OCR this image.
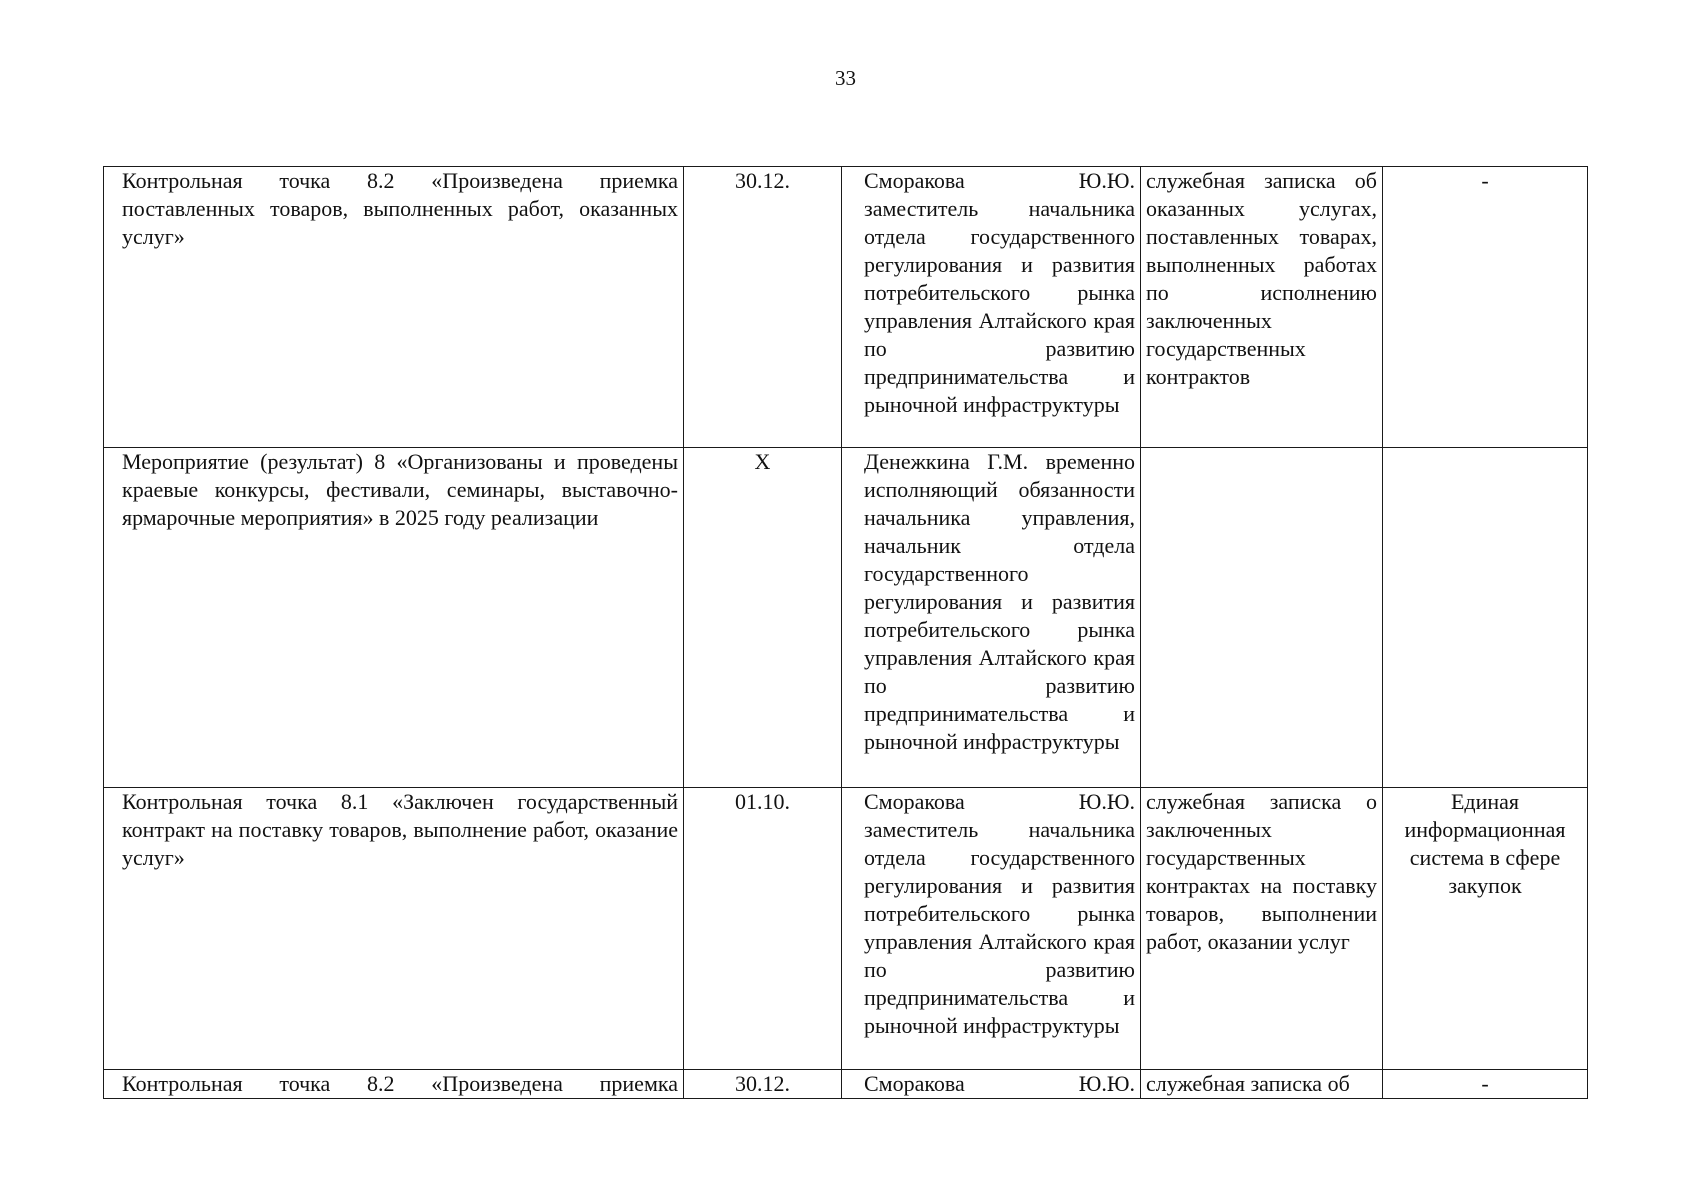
33
Контрольная точка 8.2 «Произведена приемка поставленных товаров, выполненных работ, оказанных услуг»	30.12.	Сморакова Ю.Ю. заместитель начальника отдела государственного регулирования и развития потребительского рынка управления Алтайского края по развитию предпринимательства и рыночной инфраструктуры	служебная записка об оказанных услугах, поставленных товарах, выполненных работах по исполнению заключенных государственных контрактов	-
Мероприятие (результат) 8 «Организованы и проведены краевые конкурсы, фестивали, семинары, выставочно-ярмарочные мероприятия» в 2025 году реализации	X	Денежкина Г.М. временно исполняющий обязанности начальника управления, начальник отдела государственного регулирования и развития потребительского рынка управления Алтайского края по развитию предпринимательства и рыночной инфраструктуры		
Контрольная точка 8.1 «Заключен государственный контракт на поставку товаров, выполнение работ, оказание услуг»	01.10.	Сморакова Ю.Ю. заместитель начальника отдела государственного регулирования и развития потребительского рынка управления Алтайского края по развитию предпринимательства и рыночной инфраструктуры	служебная записка о заключенных государственных контрактах на поставку товаров, выполнении работ, оказании услуг	Единая информационная система в сфере закупок
Контрольная точка 8.2 «Произведена приемка	30.12.	Сморакова Ю.Ю.	служебная записка об	-
